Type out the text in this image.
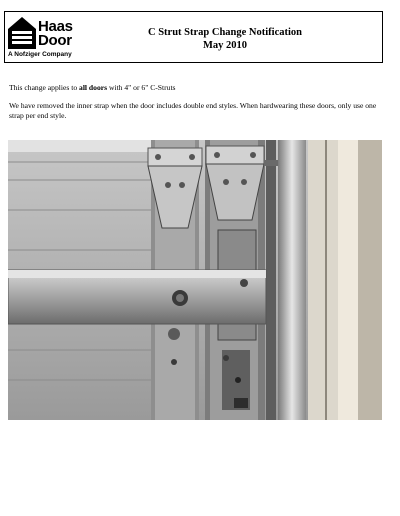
Haas
Door
A Nofziger Company
C Strut Strap Change Notification
May 2010
This change applies to all doors with 4" or 6" C-Struts
We have removed the inner strap when the door includes double end styles. When hardwearing these doors, only use one strap per end style.
